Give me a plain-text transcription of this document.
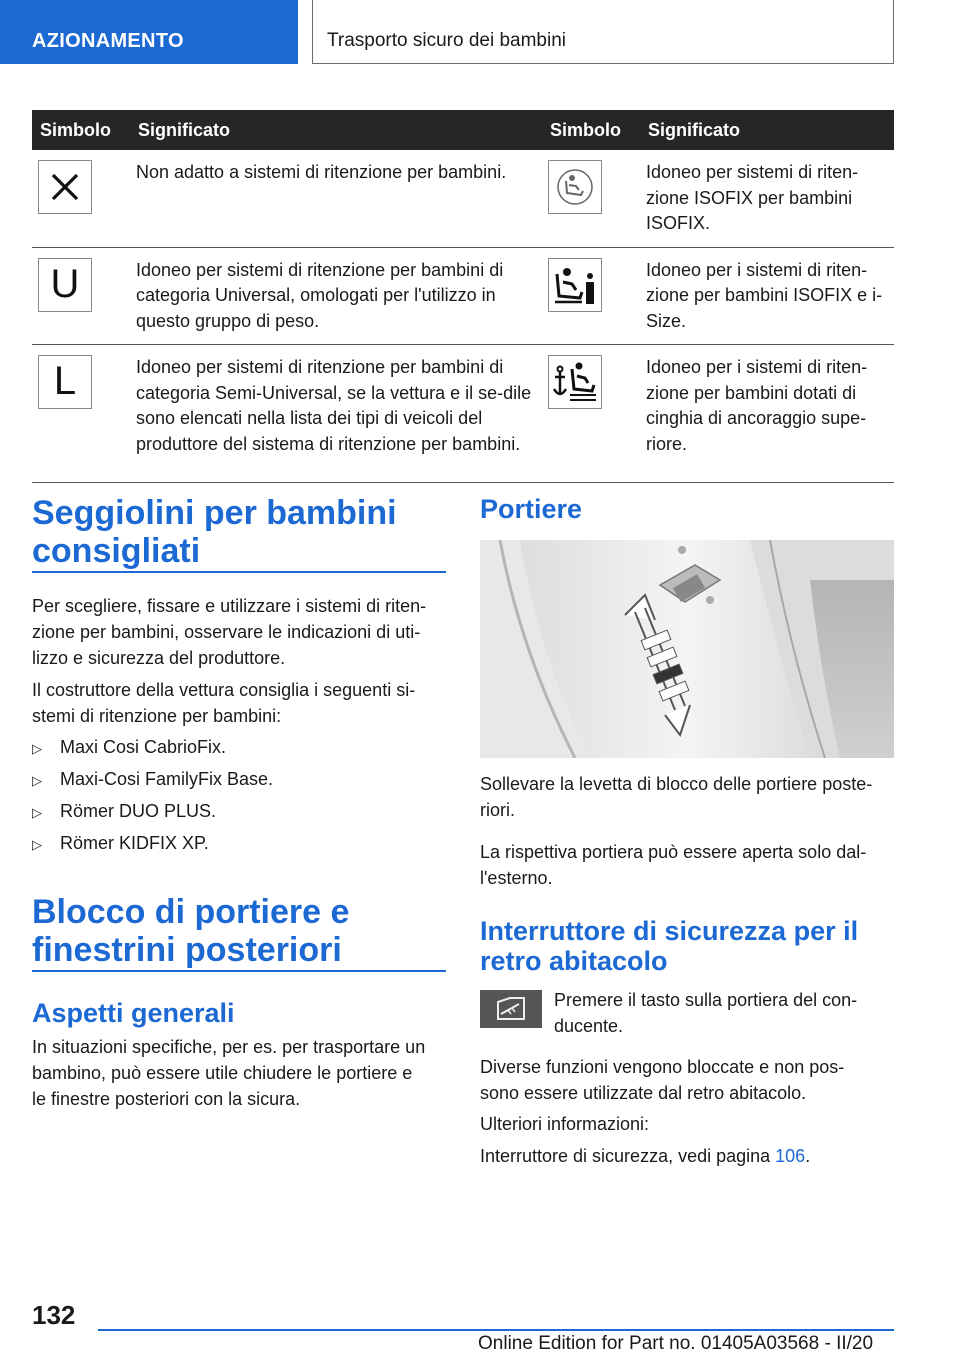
AZIONAMENTO	Trasporto sicuro dei bambini
Simbolo	Significato	Simbolo	Significato

	Non adatto a sistemi di ritenzione per bambini.		Idoneo per sistemi di riten-zione ISOFIX per bambini ISOFIX.

U	Idoneo per sistemi di ritenzione per bambini di categoria Universal, omologati per l'utilizzo in questo gruppo di peso.		Idoneo per i sistemi di riten-zione per bambini ISOFIX e i-Size.

L	Idoneo per sistemi di ritenzione per bambini di categoria Semi-Universal, se la vettura e il se-dile sono elencati nella lista dei tipi di veicoli del produttore del sistema di ritenzione per bambini.		Idoneo per i sistemi di riten-zione per bambini dotati di cinghia di ancoraggio supe-riore.
Seggiolini per bambini
consigliati

Per scegliere, fissare e utilizzare i sistemi di riten-
zione per bambini, osservare le indicazioni di uti-
lizzo e sicurezza del produttore.

Il costruttore della vettura consiglia i seguenti si-
stemi di ritenzione per bambini:

▷ Maxi Cosi CabrioFix.
▷ Maxi-Cosi FamilyFix Base.
▷ Römer DUO PLUS.
▷ Römer KIDFIX XP.
Blocco di portiere e
finestrini posteriori
Aspetti generali

In situazioni specifiche, per es. per trasportare un
bambino, può essere utile chiudere le portiere e
le finestre posteriori con la sicura.

Portiere

Sollevare la levetta di blocco delle portiere poste-
riori.

La rispettiva portiera può essere aperta solo dal-
l'esterno.

Interruttore di sicurezza per il
retro abitacolo

Premere il tasto sulla portiera del con-
ducente.

Diverse funzioni vengono bloccate e non pos-
sono essere utilizzate dal retro abitacolo.

Ulteriori informazioni:

Interruttore di sicurezza, vedi pagina 106.

132
Online Edition for Part no. 01405A03568 - II/20
